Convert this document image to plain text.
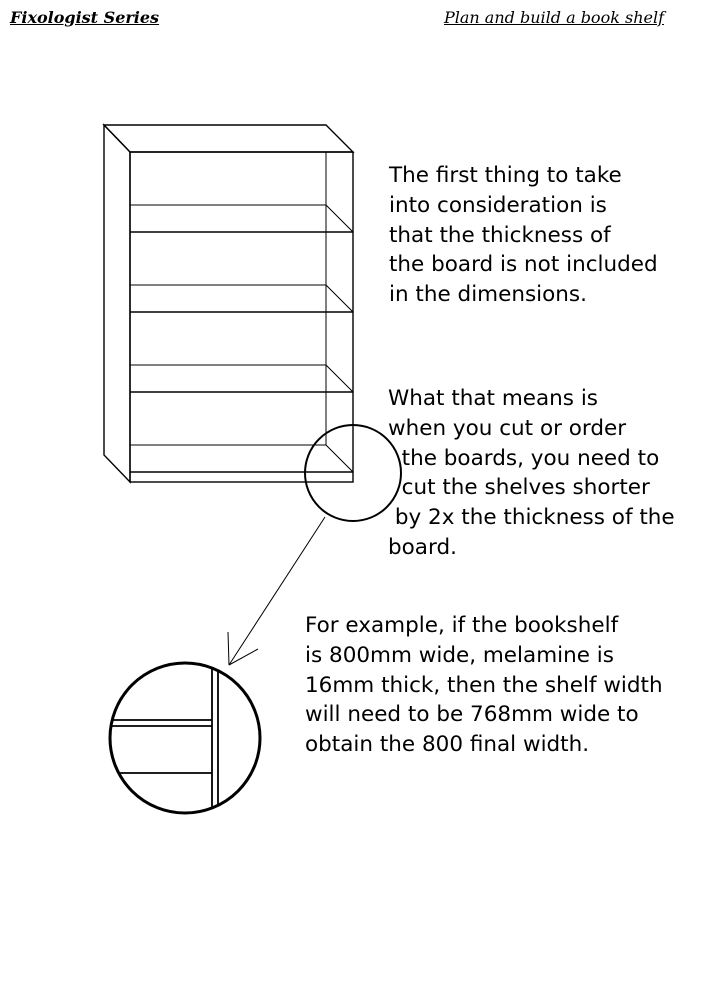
Fixologist Series	Plan and build a book shelf

The first thing to take
into consideration is
that the thickness of
the board is not included
in the dimensions.

What that means is
when you cut or order
the boards, you need to
cut the shelves shorter
by 2x the thickness of the
board.

For example, if the bookshelf
is 800mm wide, melamine is
16mm thick, then the shelf width
will need to be 768mm wide to
obtain the 800 final width.
